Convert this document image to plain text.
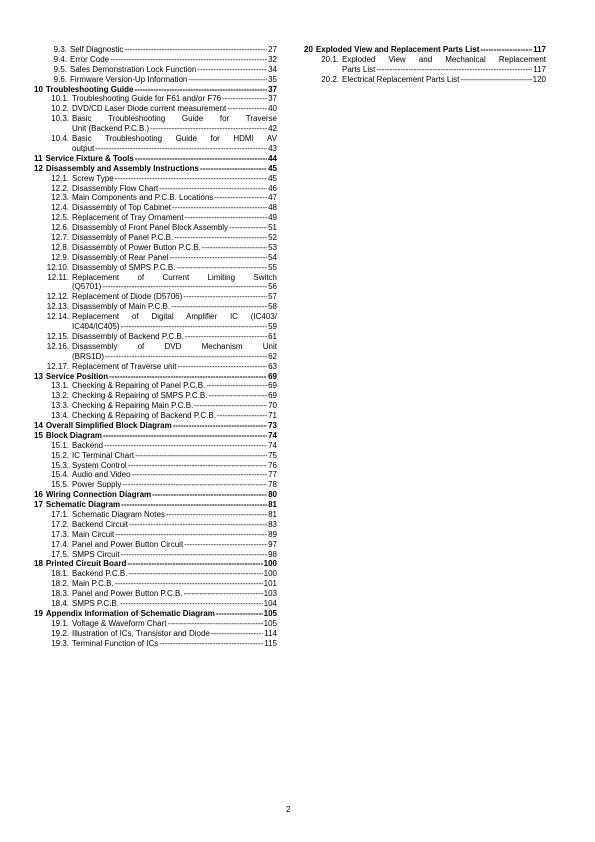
9.3. Self Diagnostic -----	27
9.4. Error Code -----	32
9.5. Sales Demonstration Lock Function -----	34
9.6. Firmware Version-Up Information -----	35
10 Troubleshooting Guide -----	37
10.1. Troubleshooting Guide for F61 and/or F76 -----	37
10.2. DVD/CD Laser Diode current measurement -----	40
10.3. Basic Troubleshooting Guide for Traverse
Unit (Backend P.C.B.) -----	42
10.4. Basic Troubleshooting Guide for HDMI AV
output -----	43
11 Service Fixture & Tools -----	44
12 Disassembly and Assembly Instructions -----	45
12.1. Screw Type -----	45
12.2. Disassembly Flow Chart -----	46
12.3. Main Components and P.C.B. Locations -----	47
12.4. Disassembly of Top Cabinet -----	48
12.5. Replacement of Tray Ornament -----	49
12.6. Disassembly of Front Panel Block Assembly -----	51
12.7. Disassembly of Panel P.C.B. -----	52
12.8. Disassembly of Power Button P.C.B. -----	53
12.9. Disassembly of Rear Panel -----	54
12.10. Disassembly of SMPS P.C.B. -----	55
12.11. Replacement of Current Limiting Switch
(Q5701) -----	56
12.12. Replacement of Diode (D5706) -----	57
12.13. Disassembly of Main P.C.B. -----	58
12.14. Replacement of Digital Amplifier IC (IC403/
IC404/IC405) -----	59
12.15. Disassembly of Backend P.C.B. -----	61
12.16. Disassembly of DVD Mechanism Unit
(BRS1D) -----	62
12.17. Replacement of Traverse unit -----	63
13 Service Position -----	69
13.1. Checking & Repairing of Panel P.C.B. -----	69
13.2. Checking & Repairing of SMPS P.C.B. -----	69
13.3. Checking & Repairing Main P.C.B. -----	70
13.4. Checking & Repairing of Backend P.C.B. -----	71
14 Overall Simplified Block Diagram -----	73
15 Block Diagram -----	74
15.1. Backend -----	74
15.2. IC Terminal Chart -----	75
15.3. System Control -----	76
15.4. Audio and Video -----	77
15.5. Power Supply -----	78
16 Wiring Connection Diagram -----	80
17 Schematic Diagram -----	81
17.1. Schematic Diagram Notes -----	81
17.2. Backend Circuit -----	83
17.3. Main Circuit -----	89
17.4. Panel and Power Button Circuit -----	97
17.5. SMPS Circuit -----	98
18 Printed Circuit Board -----	100
18.1. Backend P.C.B. -----	100
18.2. Main P.C.B. -----	101
18.3. Panel and Power Button P.C.B. -----	103
18.4. SMPS P.C.B. -----	104
19 Appendix Information of Schematic Diagram -----	105
19.1. Voltage & Waveform Chart -----	105
19.2. Illustration of ICs, Transistor and Diode -----	114
19.3. Terminal Function of ICs -----	115
20 Exploded View and Replacement Parts List -----	117
20.1. Exploded View and Mechanical Replacement
Parts List -----	117
20.2. Electrical Replacement Parts List -----	120
2
